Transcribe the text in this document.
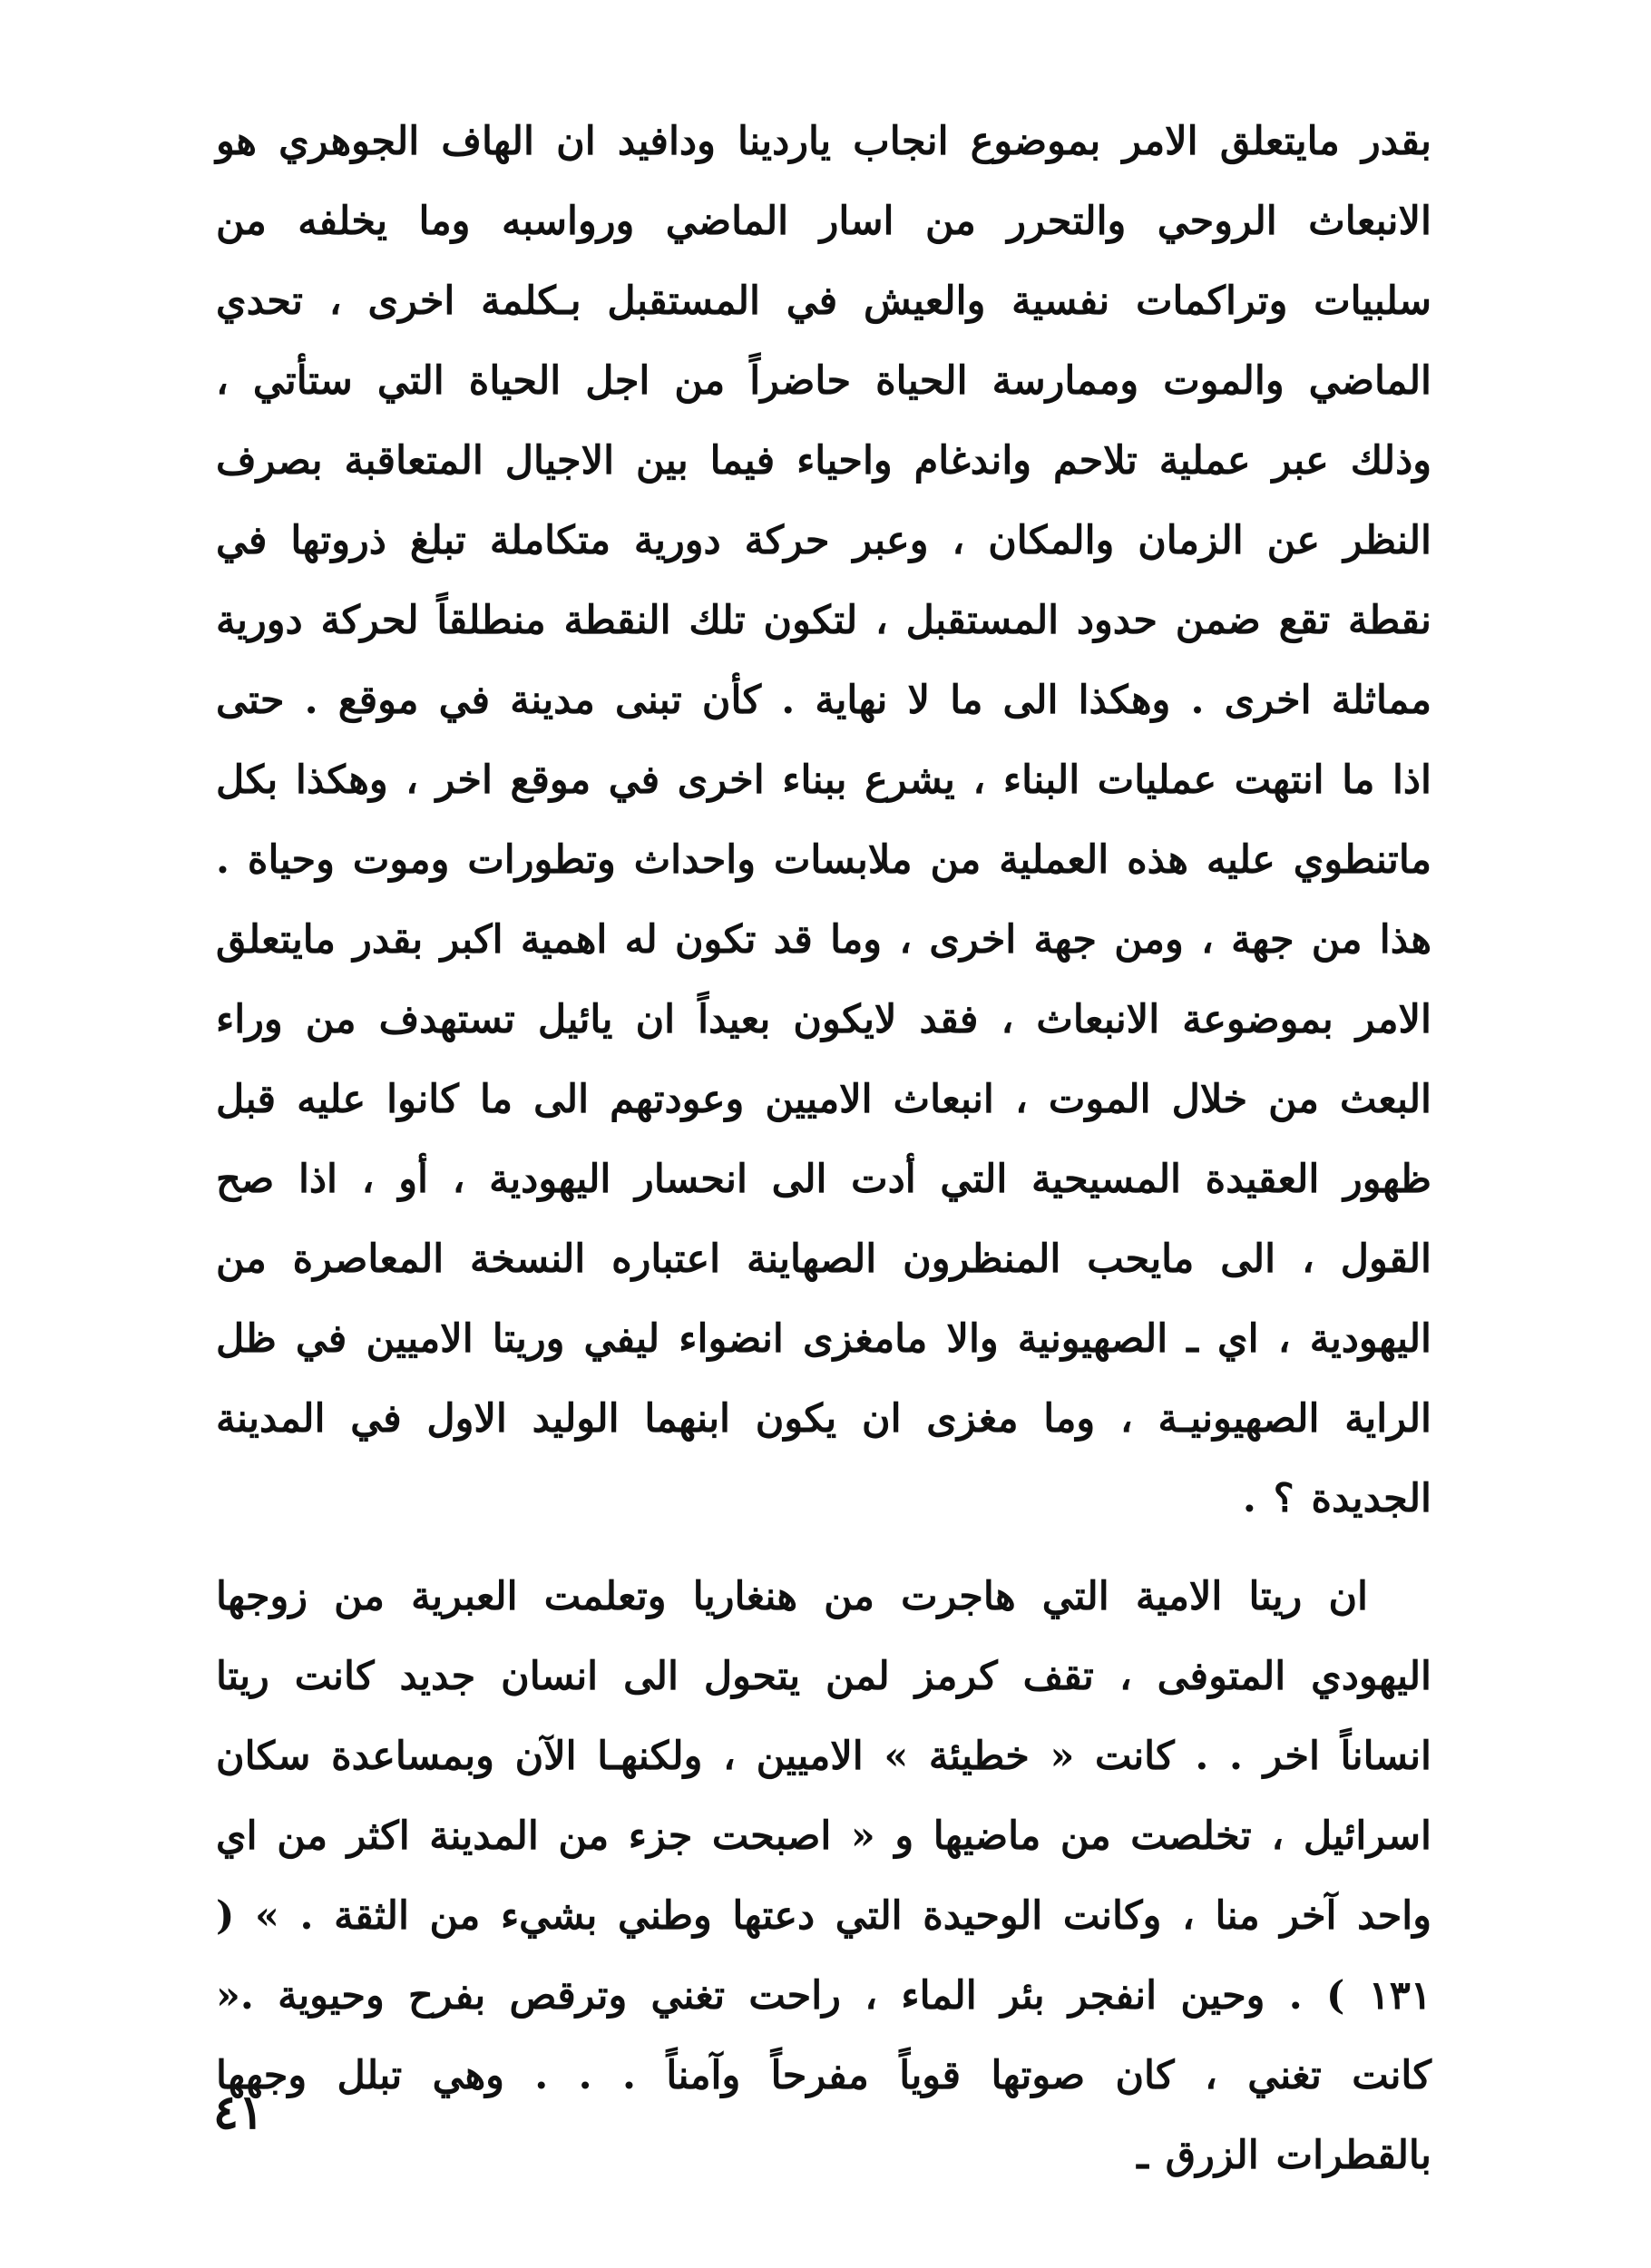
بقدر مايتعلق الامر بموضوع انجاب ياردينا ودافيد ان الهاف الجوهري هو الانبعاث الروحي والتحرر من اسار الماضي ورواسبه وما يخلفه من سلبيات وتراكمات نفسية والعيش في المستقبل بـكلمة اخرى ، تحدي الماضي والموت وممارسة الحياة حاضراً من اجل الحياة التي ستأتي ، وذلك عبر عملية تلاحم واندغام واحياء فيما بين الاجيال المتعاقبة بصرف النظر عن الزمان والمكان ، وعبر حركة دورية متكاملة تبلغ ذروتها في نقطة تقع ضمن حدود المستقبل ، لتكون تلك النقطة منطلقاً لحركة دورية مماثلة اخرى . وهكذا الى ما لا نهاية . كأن تبنى مدينة في موقع . حتى اذا ما انتهت عمليات البناء ، يشرع ببناء اخرى في موقع اخر ، وهكذا بكل ماتنطوي عليه هذه العملية من ملابسات واحداث وتطورات وموت وحياة . هذا من جهة ، ومن جهة اخرى ، وما قد تكون له اهمية اكبر بقدر مايتعلق الامر بموضوعة الانبعاث ، فقد لايكون بعيداً ان يائيل تستهدف من وراء البعث من خلال الموت ، انبعاث الاميين وعودتهم الى ما كانوا عليه قبل ظهور العقيدة المسيحية التي أدت الى انحسار اليهودية ، أو ، اذا صح القول ، الى مايحب المنظرون الصهاينة اعتباره النسخة المعاصرة من اليهودية ، اي ـ الصهيونية والا مامغزى انضواء ليفي وريتا الاميين في ظل الراية الصهيونيـة ، وما مغزى ان يكون ابنهما الوليد الاول في المدينة الجديدة ؟ .

ان ريتا الامية التي هاجرت من هنغاريا وتعلمت العبرية من زوجها اليهودي المتوفى ، تقف كرمز لمن يتحول الى انسان جديد كانت ريتا انساناً اخر . . كانت « خطيئة » الاميين ، ولكنهـا الآن وبمساعدة سكان اسرائيل ، تخلصت من ماضيها و « اصبحت جزء من المدينة اكثر من اي واحد آخر منا ، وكانت الوحيدة التي دعتها وطني بشيء من الثقة . » ( ١٣١ ) . وحين انفجر بئر الماء ، راحت تغني وترقص بفرح وحيوية .« كانت تغني ، كان صوتها قوياً مفرحاً وآمناً . . . وهي تبلل وجهها بالقطرات الزرق ـ

٤١
